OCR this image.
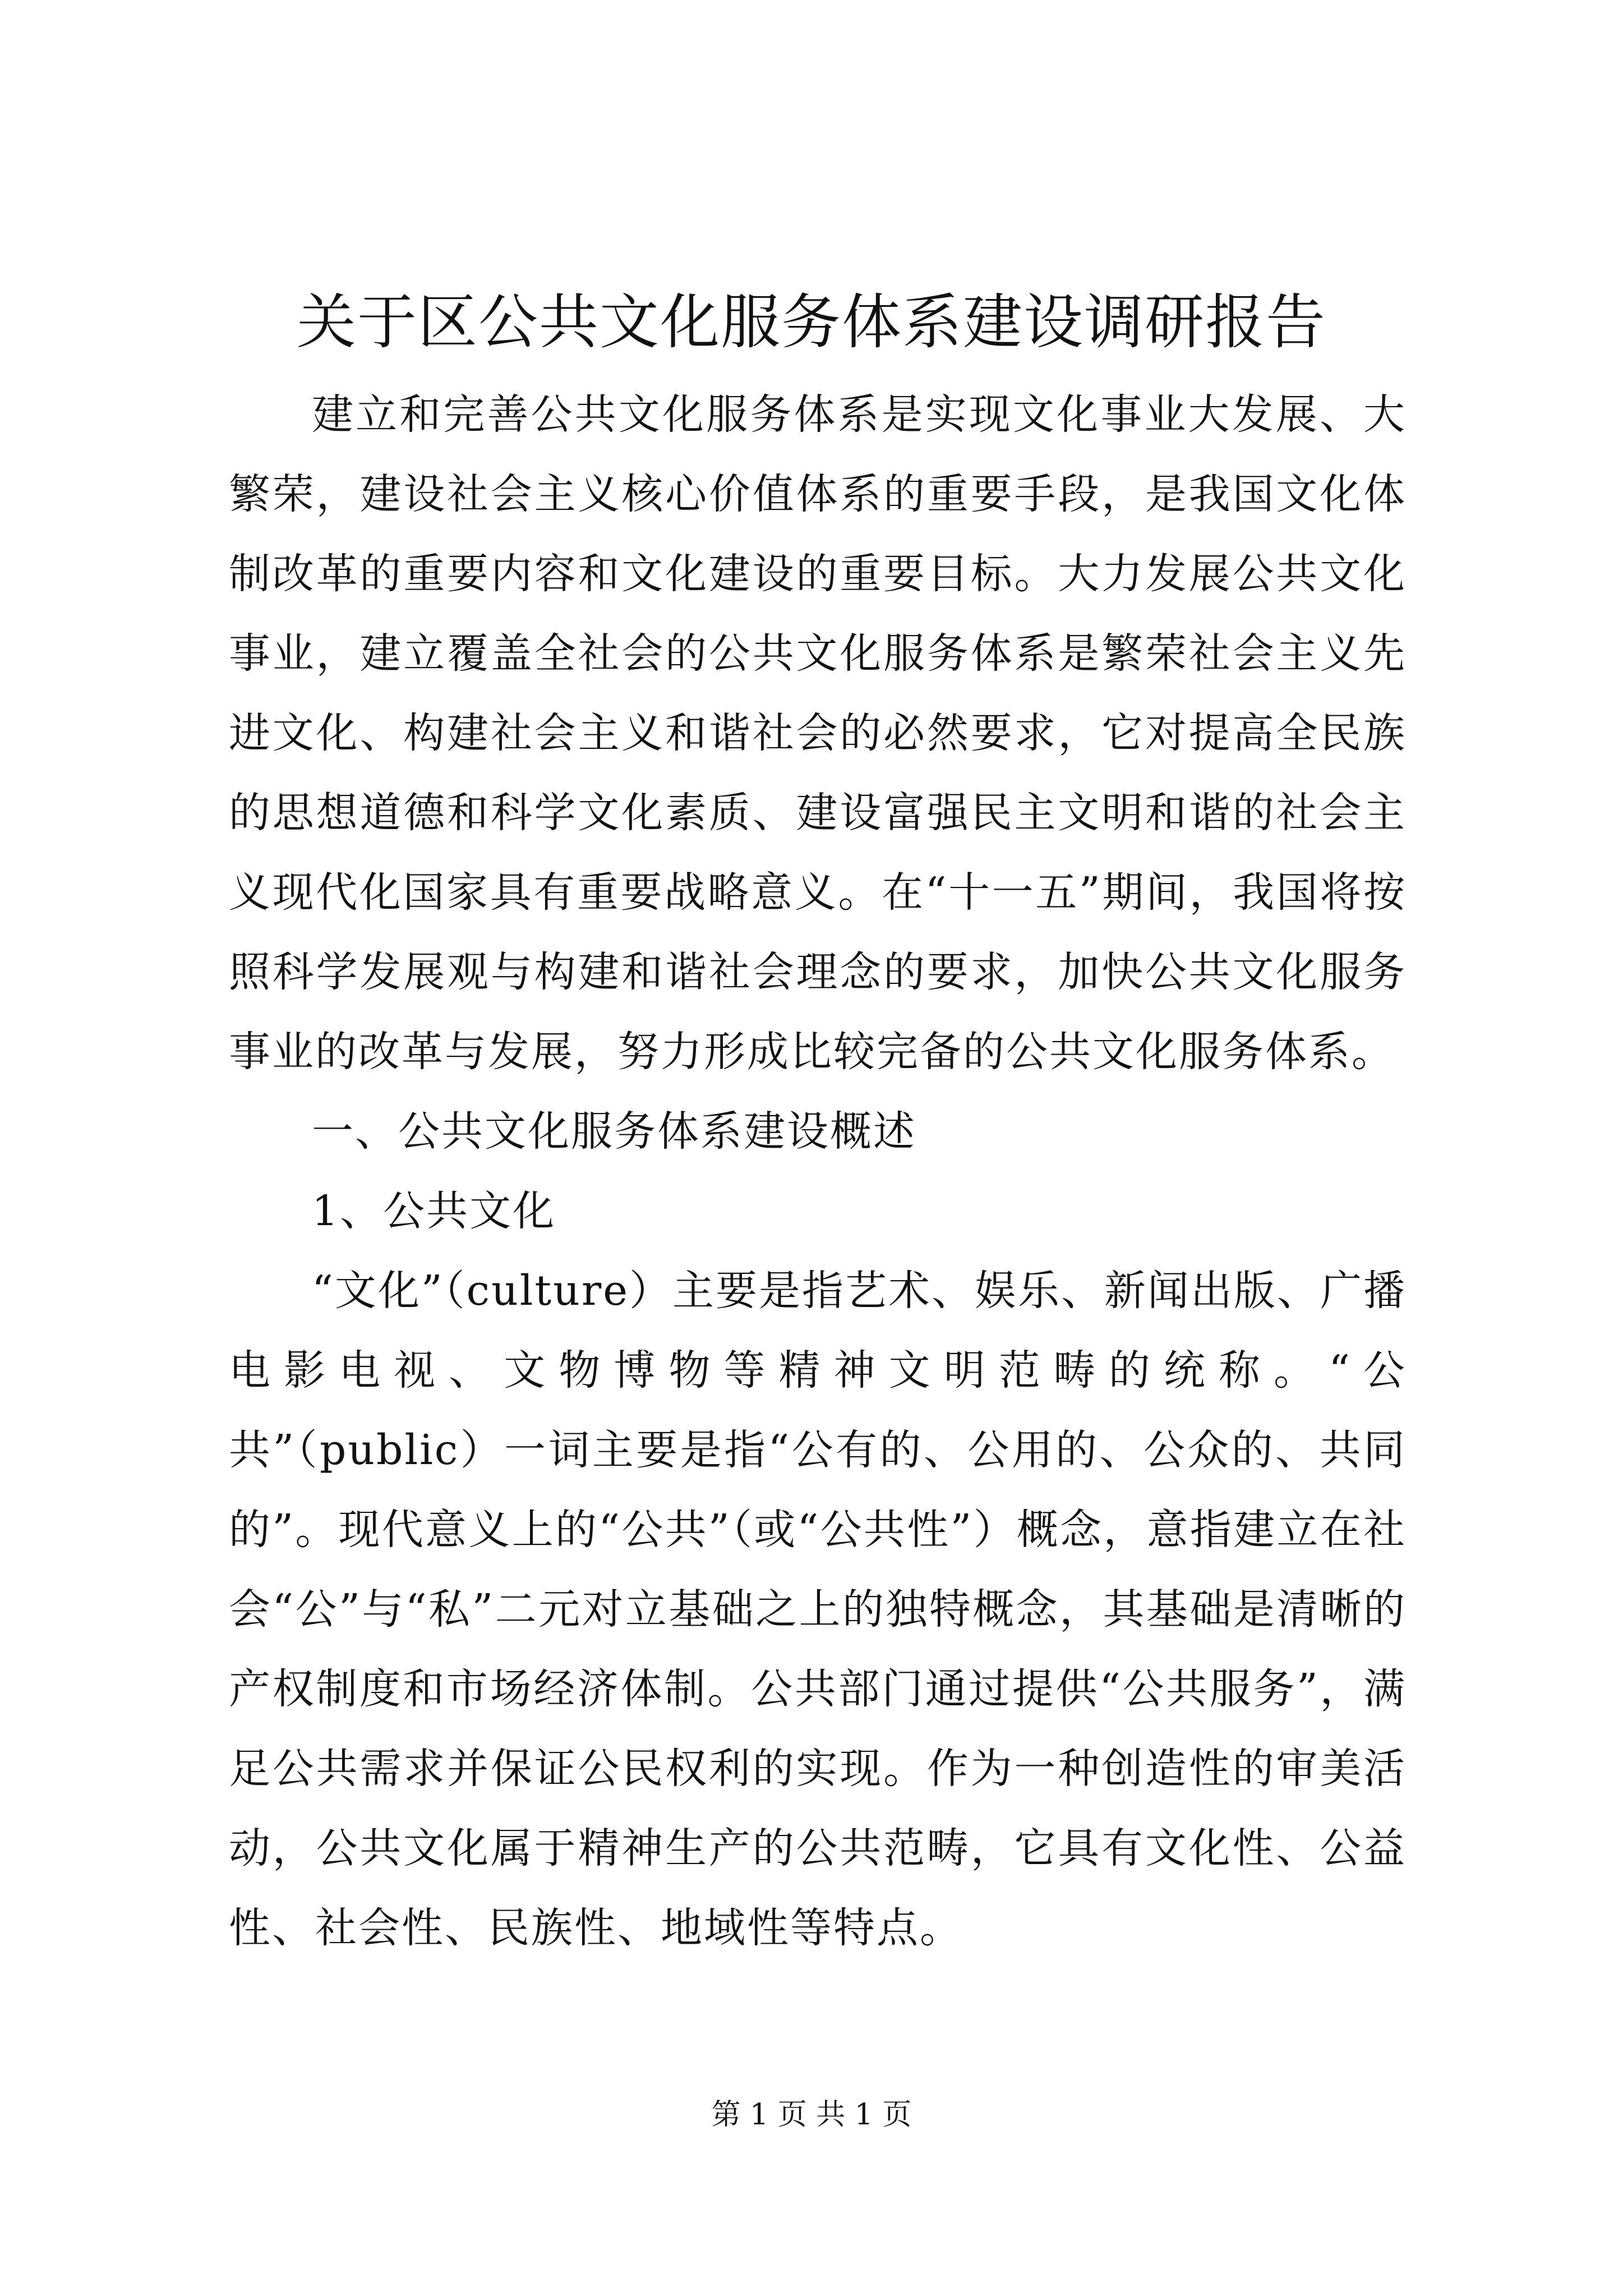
关于区公共文化服务体系建设调研报告

建立和完善公共文化服务体系是实现文化事业大发展、大繁荣，建设社会主义核心价值体系的重要手段，是我国文化体制改革的重要内容和文化建设的重要目标。大力发展公共文化事业，建立覆盖全社会的公共文化服务体系是繁荣社会主义先进文化、构建社会主义和谐社会的必然要求，它对提高全民族的思想道德和科学文化素质、建设富强民主文明和谐的社会主义现代化国家具有重要战略意义。在“十一五”期间，我国将按照科学发展观与构建和谐社会理念的要求，加快公共文化服务事业的改革与发展，努力形成比较完备的公共文化服务体系。

一、公共文化服务体系建设概述

1、公共文化

“文化”（culture）主要是指艺术、娱乐、新闻出版、广播电影电视、文物博物等精神文明范畴的统称。“公共”（public）一词主要是指“公有的、公用的、公众的、共同的”。现代意义上的“公共”（或“公共性”）概念，意指建立在社会“公”与“私”二元对立基础之上的独特概念，其基础是清晰的产权制度和市场经济体制。公共部门通过提供“公共服务”，满足公共需求并保证公民权利的实现。作为一种创造性的审美活动，公共文化属于精神生产的公共范畴，它具有文化性、公益性、社会性、民族性、地域性等特点。

第 1 页 共 1 页
